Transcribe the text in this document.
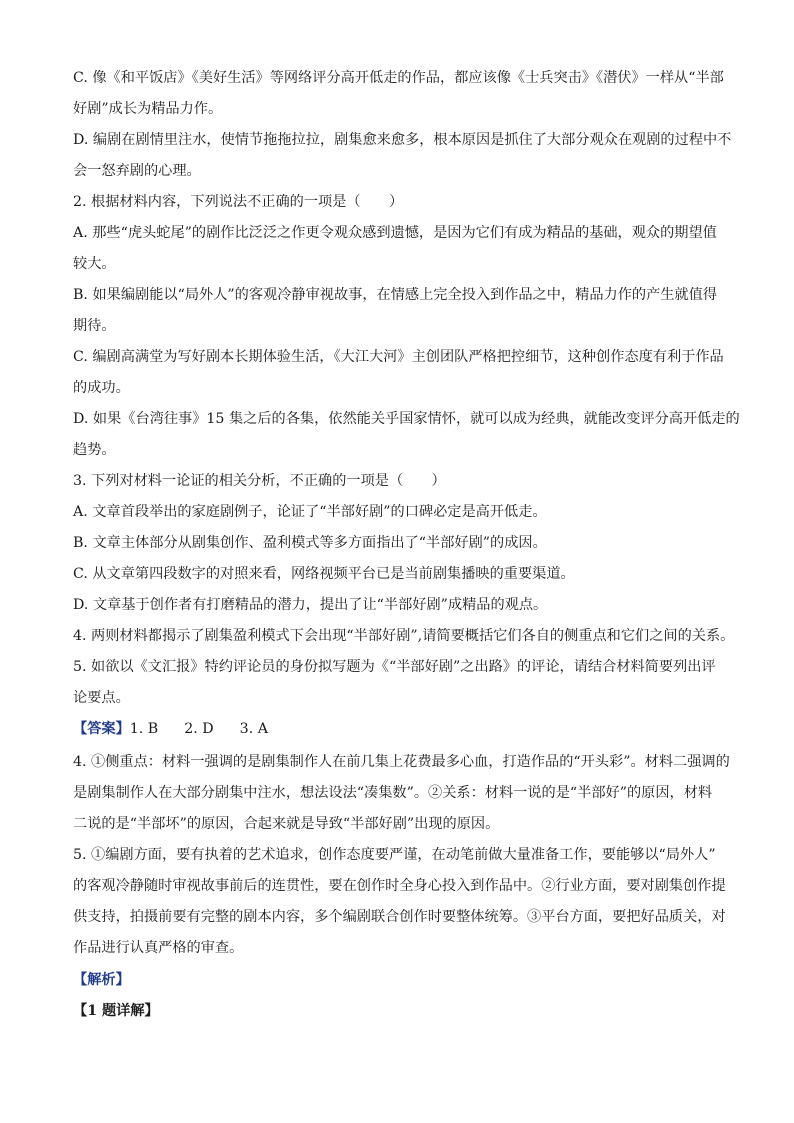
C. 像《和平饭店》《美好生活》等网络评分高开低走的作品，都应该像《士兵突击》《潜伏》一样从“半部
好剧”成长为精品力作。
D. 编剧在剧情里注水，使情节拖拖拉拉，剧集愈来愈多，根本原因是抓住了大部分观众在观剧的过程中不
会一怒弃剧的心理。
2. 根据材料内容，下列说法不正确的一项是（　　）
A. 那些“虎头蛇尾”的剧作比泛泛之作更令观众感到遗憾，是因为它们有成为精品的基础，观众的期望值
较大。
B. 如果编剧能以“局外人”的客观冷静审视故事，在情感上完全投入到作品之中，精品力作的产生就值得
期待。
C. 编剧高满堂为写好剧本长期体验生活，《大江大河》主创团队严格把控细节，这种创作态度有利于作品
的成功。
D. 如果《台湾往事》15 集之后的各集，依然能关乎国家情怀，就可以成为经典，就能改变评分高开低走的
趋势。
3. 下列对材料一论证的相关分析，不正确的一项是（　　）
A. 文章首段举出的家庭剧例子，论证了“半部好剧”的口碑必定是高开低走。
B. 文章主体部分从剧集创作、盈利模式等多方面指出了“半部好剧”的成因。
C. 从文章第四段数字的对照来看，网络视频平台已是当前剧集播映的重要渠道。
D. 文章基于创作者有打磨精品的潜力，提出了让“半部好剧”成精品的观点。
4. 两则材料都揭示了剧集盈利模式下会出现“半部好剧”,请简要概括它们各自的侧重点和它们之间的关系。
5. 如欲以《文汇报》特约评论员的身份拟写题为《“半部好剧”之出路》的评论，请结合材料简要列出评
论要点。
【答案】1. B 2. D 3. A
4. ①侧重点：材料一强调的是剧集制作人在前几集上花费最多心血，打造作品的“开头彩”。材料二强调的
是剧集制作人在大部分剧集中注水，想法设法“凑集数”。②关系：材料一说的是“半部好”的原因，材料
二说的是“半部坏”的原因，合起来就是导致“半部好剧”出现的原因。
5. ①编剧方面，要有执着的艺术追求，创作态度要严谨，在动笔前做大量准备工作，要能够以“局外人”
的客观冷静随时审视故事前后的连贯性，要在创作时全身心投入到作品中。②行业方面，要对剧集创作提
供支持，拍摄前要有完整的剧本内容，多个编剧联合创作时要整体统筹。③平台方面，要把好品质关，对
作品进行认真严格的审查。
【解析】
【1 题详解】
